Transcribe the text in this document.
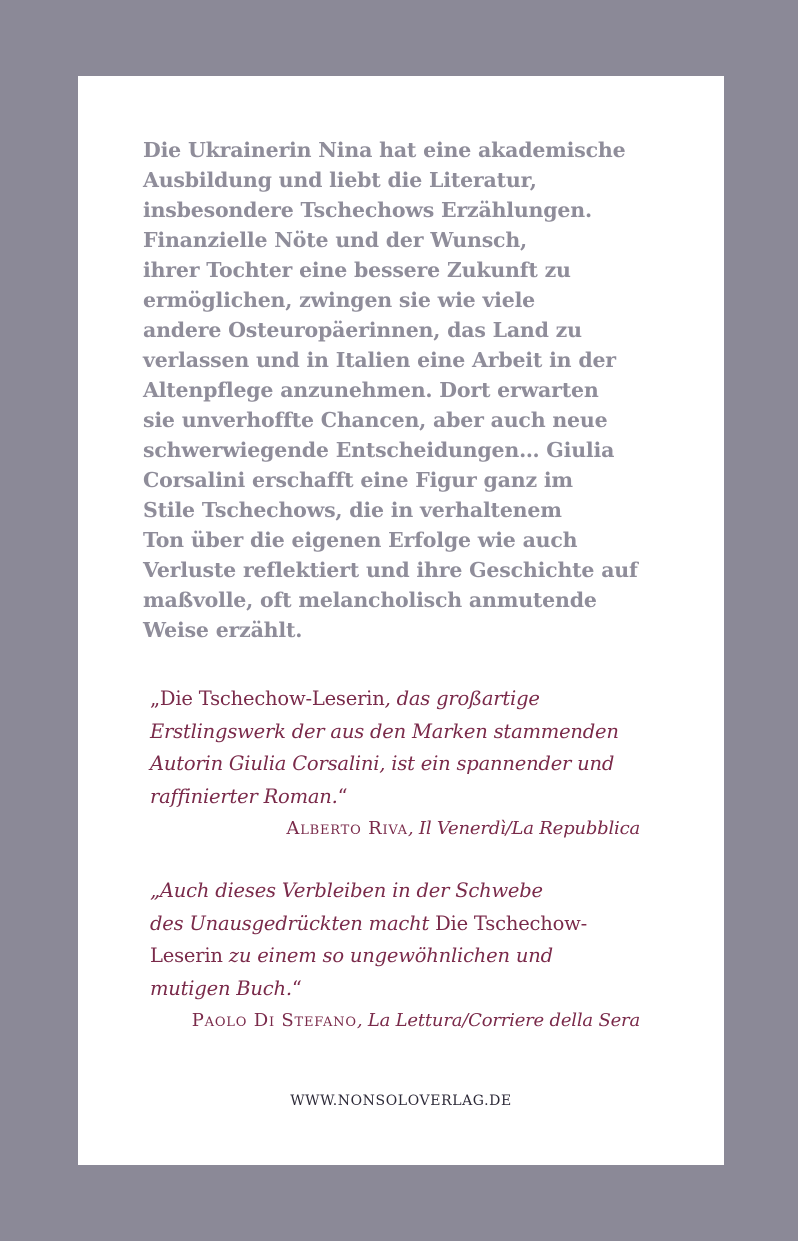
Die Ukrainerin Nina hat eine akademische
Ausbildung und liebt die Literatur,
insbesondere Tschechows Erzählungen.
Finanzielle Nöte und der Wunsch,
ihrer Tochter eine bessere Zukunft zu
ermöglichen, zwingen sie wie viele
andere Osteuropäerinnen, das Land zu
verlassen und in Italien eine Arbeit in der
Altenpflege anzunehmen. Dort erwarten
sie unverhoffte Chancen, aber auch neue
schwerwiegende Entscheidungen… Giulia
Corsalini erschafft eine Figur ganz im
Stile Tschechows, die in verhaltenem
Ton über die eigenen Erfolge wie auch
Verluste reflektiert und ihre Geschichte auf
maßvolle, oft melancholisch anmutende
Weise erzählt.

„Die Tschechow-Leserin, das großartige
Erstlingswerk der aus den Marken stammenden
Autorin Giulia Corsalini, ist ein spannender und
raffinierter Roman.“
Alberto Riva, Il Venerdì/La Repubblica
„Auch dieses Verbleiben in der Schwebe
des Unausgedrückten macht Die Tschechow-
Leserin zu einem so ungewöhnlichen und
mutigen Buch.“
Paolo Di Stefano, La Lettura/Corriere della Sera
WWW.NONSOLOVERLAG.DE
